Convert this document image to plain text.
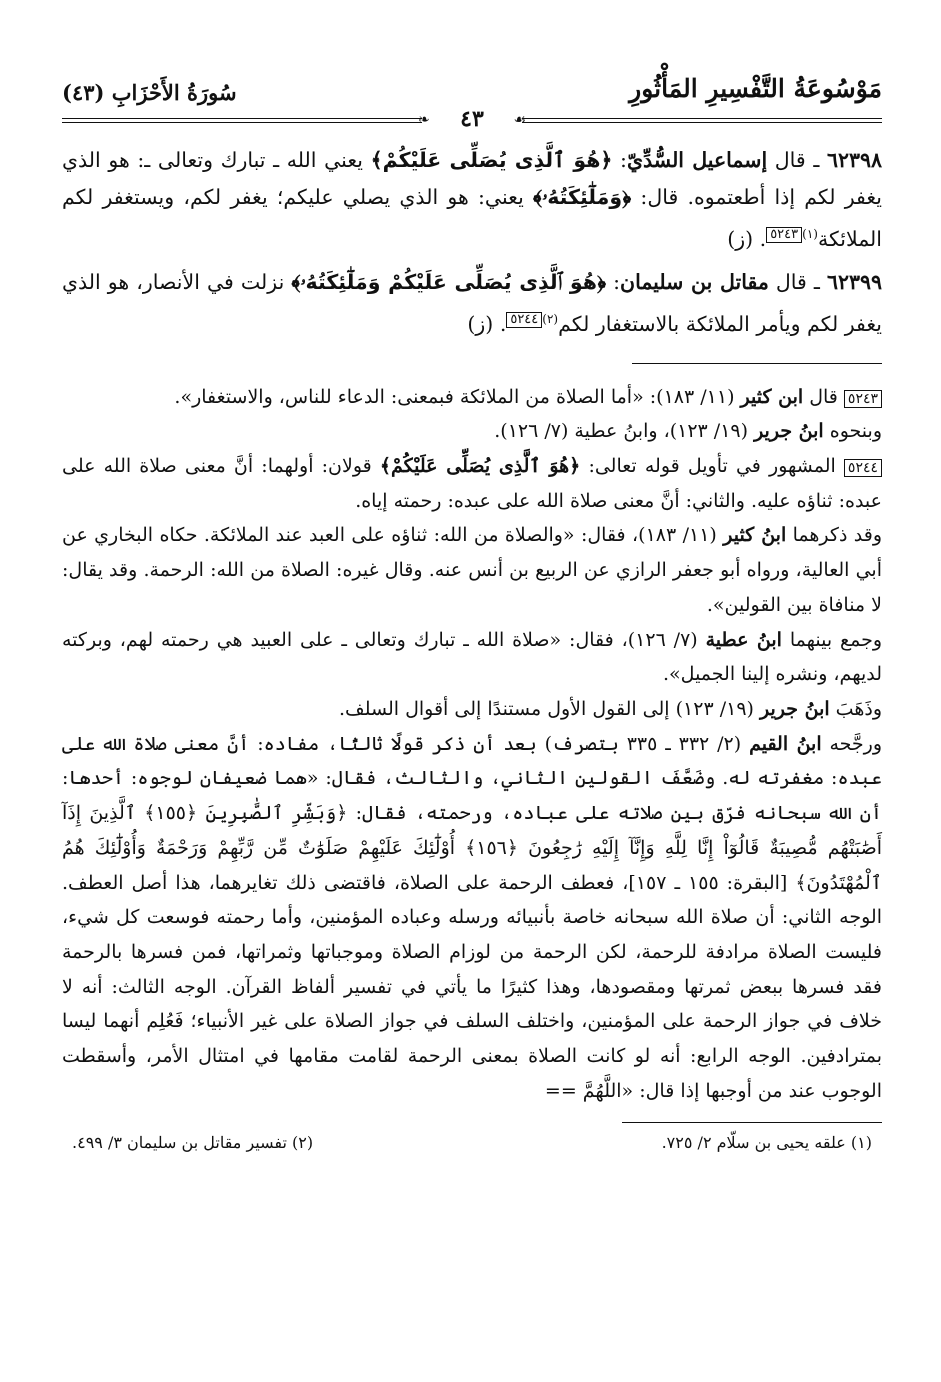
مَوْسُوعَةُ التَّفْسِيرِ المَأْثُورِ
سُورَةُ الأَحْزَابِ (٤٣)
❧	☙
٤٣

٦٢٣٩٨ ـ قال إسماعيل السُّدِّيّ: ﴿هُوَ ٱلَّذِى يُصَلِّى عَلَيْكُمْ﴾ يعني الله ـ تبارك وتعالى ـ: هو الذي يغفر لكم إذا أطعتموه. قال: ﴿وَمَلَٰٓئِكَتُهُۥ﴾ يعني: هو الذي يصلي عليكم؛ يغفر لكم، ويستغفر لكم الملائكة$^{(١)}$٥٢٤٣. (ز)

٦٢٣٩٩ ـ قال مقاتل بن سليمان: ﴿هُوَ ٱلَّذِى يُصَلِّى عَلَيْكُمْ وَمَلَٰٓئِكَتُهُۥ﴾ نزلت في الأنصار، هو الذي يغفر لكم ويأمر الملائكة بالاستغفار لكم$^{(٢)}$٥٢٤٤. (ز)

٥٢٤٣ قال ابن كثير (١١/ ١٨٣): «أما الصلاة من الملائكة فبمعنى: الدعاء للناس، والاستغفار».

وبنحوه ابنُ جرير (١٩/ ١٢٣)، وابنُ عطية (٧/ ١٢٦).

٥٢٤٤ المشهور في تأويل قوله تعالى: ﴿هُوَ ٱلَّذِى يُصَلِّى عَلَيْكُمْ﴾ قولان: أولهما: أنَّ معنى صلاة الله على عبده: ثناؤه عليه. والثاني: أنَّ معنى صلاة الله على عبده: رحمته إياه.

وقد ذكرهما ابنُ كثير (١١/ ١٨٣)، فقال: «والصلاة من الله: ثناؤه على العبد عند الملائكة. حكاه البخاري عن أبي العالية، ورواه أبو جعفر الرازي عن الربيع بن أنس عنه. وقال غيره: الصلاة من الله: الرحمة. وقد يقال: لا منافاة بين القولين».

وجمع بينهما ابنُ عطية (٧/ ١٢٦)، فقال: «صلاة الله ـ تبارك وتعالى ـ على العبيد هي رحمته لهم، وبركته لديهم، ونشره إلينا الجميل».

وذَهَبَ ابنُ جرير (١٩/ ١٢٣) إلى القول الأول مستندًا إلى أقوال السلف.

ورجَّحه ابنُ القيم (٢/ ٣٣٢ ـ ٣٣٥ بتصرف) بعد أن ذكر قولًا ثالثًا، مفاده: أنَّ معنى صلاة الله على عبده: مغفرته له. وضَعَّفَ القولين الثاني، والثالث، فقال: «هما ضعيفان لوجوه: أحدها: أن الله سبحانه فرّق بين صلاته على عباده، ورحمته، فقال: ﴿وَبَشِّرِ ٱلصَّٰبِرِينَ ﴿١٥٥﴾ ٱلَّذِينَ إِذَآ أَصَٰبَتْهُم مُّصِيبَةٌ قَالُوٓاْ إِنَّا لِلَّهِ وَإِنَّآ إِلَيْهِ رَٰجِعُونَ ﴿١٥٦﴾ أُوْلَٰٓئِكَ عَلَيْهِمْ صَلَوَٰتٌ مِّن رَّبِّهِمْ وَرَحْمَةٌ وَأُوْلَٰٓئِكَ هُمُ ٱلْمُهْتَدُونَ﴾ [البقرة: ١٥٥ ـ ١٥٧]، فعطف الرحمة على الصلاة، فاقتضى ذلك تغايرهما، هذا أصل العطف. الوجه الثاني: أن صلاة الله سبحانه خاصة بأنبيائه ورسله وعباده المؤمنين، وأما رحمته فوسعت كل شيء، فليست الصلاة مرادفة للرحمة، لكن الرحمة من لوزام الصلاة وموجباتها وثمراتها، فمن فسرها بالرحمة فقد فسرها ببعض ثمرتها ومقصودها، وهذا كثيرًا ما يأتي في تفسير ألفاظ القرآن. الوجه الثالث: أنه لا خلاف في جواز الرحمة على المؤمنين، واختلف السلف في جواز الصلاة على غير الأنبياء؛ فَعُلِم أنهما ليسا بمترادفين. الوجه الرابع: أنه لو كانت الصلاة بمعنى الرحمة لقامت مقامها في امتثال الأمر، وأسقطت الوجوب عند من أوجبها إذا قال: «اللَّهُمَّ ==

(١) علقه يحيى بن سلّام ٢/ ٧٢٥.
(٢) تفسير مقاتل بن سليمان ٣/ ٤٩٩.
